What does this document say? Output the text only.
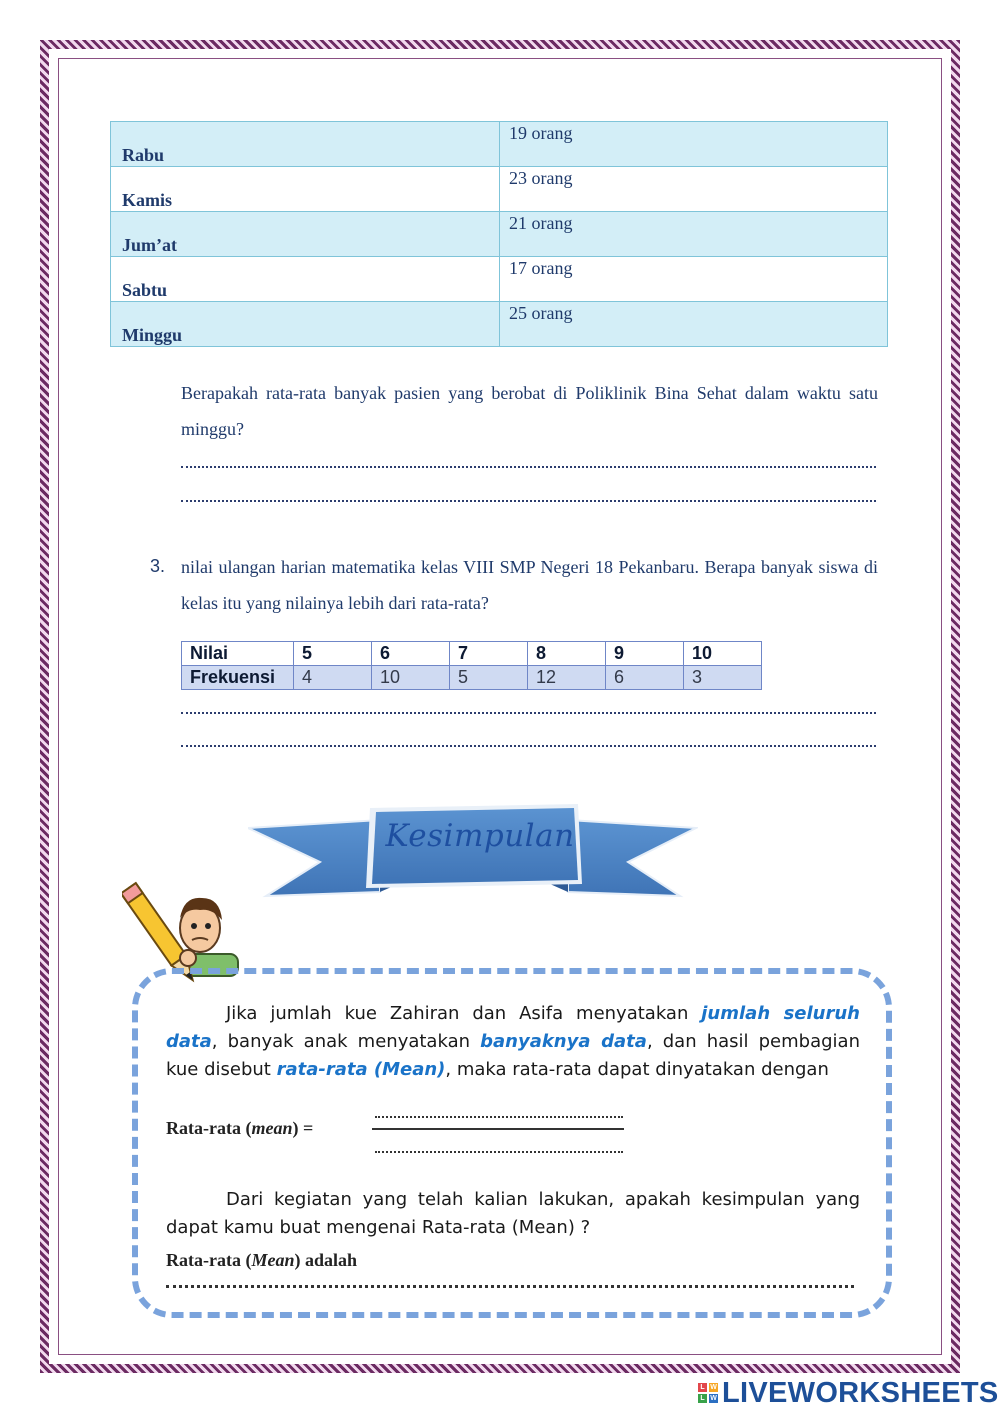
Rabu	19 orang

Kamis	23 orang

Jum’at	21 orang

Sabtu	17 orang

Minggu	25 orang
Berapakah rata-rata banyak pasien yang berobat di Poliklinik Bina Sehat dalam waktu satu minggu?
3. nilai ulangan harian matematika kelas VIII SMP Negeri 18 Pekanbaru. Berapa banyak siswa di kelas itu yang nilainya lebih dari rata-rata?
Nilai	5	6	7	8	9	10
Frekuensi	4	10	5	12	6	3
Kesimpulan
Jika jumlah kue Zahiran dan Asifa menyatakan jumlah seluruh data, banyak anak menyatakan banyaknya data, dan hasil pembagian kue disebut rata-rata (Mean), maka rata-rata dapat dinyatakan dengan
Rata-rata (mean) =
Dari kegiatan yang telah kalian lakukan, apakah kesimpulan yang dapat kamu buat mengenai Rata-rata (Mean) ?
Rata-rata (Mean) adalah
L W
L W LIVEWORKSHEETS
